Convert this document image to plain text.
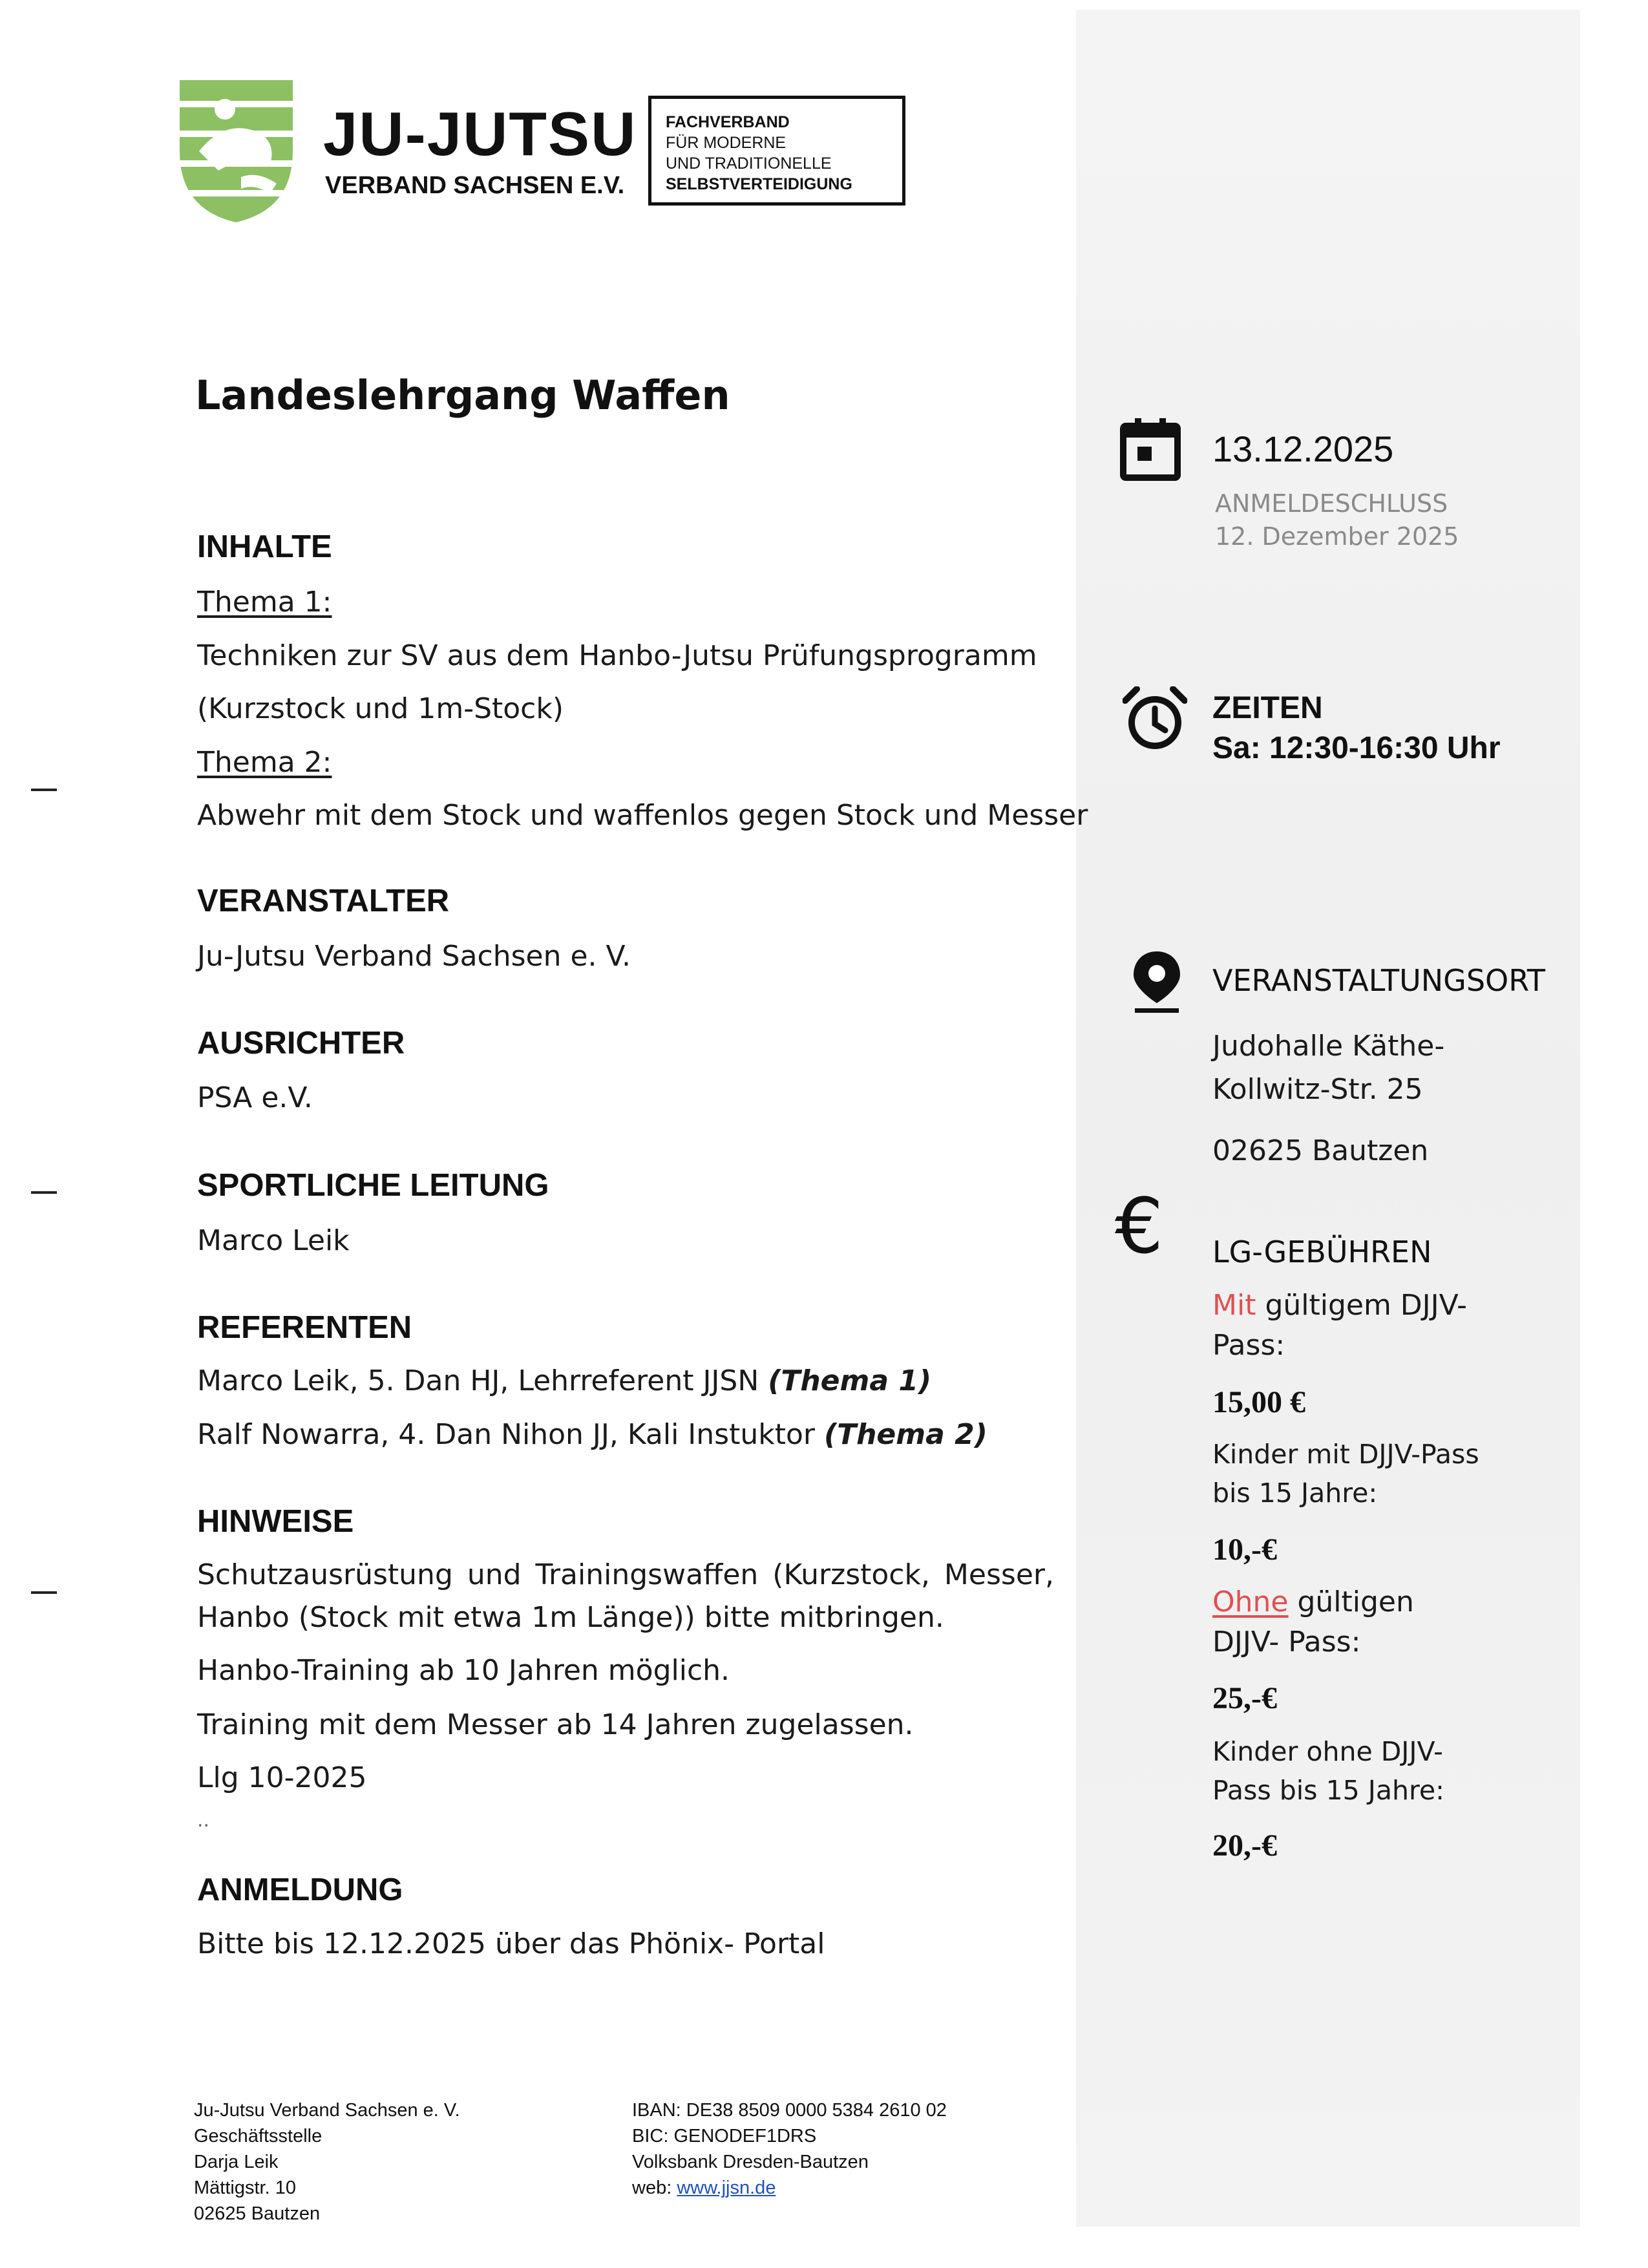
JU-JUTSU
VERBAND SACHSEN E.V.
FACHVERBAND
FÜR MODERNE
UND TRADITIONELLE
SELBSTVERTEIDIGUNG
Landeslehrgang Waffen
INHALTE
Thema 1:
Techniken zur SV aus dem Hanbo-Jutsu Prüfungsprogramm
(Kurzstock und 1m-Stock)
Thema 2:
Abwehr mit dem Stock und waffenlos gegen Stock und Messer
VERANSTALTER
Ju-Jutsu Verband Sachsen e. V.
AUSRICHTER
PSA e.V.
SPORTLICHE LEITUNG
Marco Leik
REFERENTEN
Marco Leik, 5. Dan HJ, Lehrreferent JJSN (Thema 1)
Ralf Nowarra, 4. Dan Nihon JJ, Kali Instuktor (Thema 2)
HINWEISE
Schutzausrüstung und Trainingswaffen (Kurzstock, Messer,
Hanbo (Stock mit etwa 1m Länge)) bitte mitbringen.
Hanbo-Training ab 10 Jahren möglich.
Training mit dem Messer ab 14 Jahren zugelassen.
Llg 10-2025
..
ANMELDUNG
Bitte bis 12.12.2025 über das Phönix- Portal
13.12.2025
ANMELDESCHLUSS
12. Dezember 2025
ZEITEN
Sa: 12:30-16:30 Uhr
VERANSTALTUNGSORT
Judohalle Käthe-
Kollwitz-Str. 25
02625 Bautzen
€ LG-GEBÜHREN
Mit gültigem DJJV-
Pass:
15,00 €
Kinder mit DJJV-Pass
bis 15 Jahre:
10,-€
Ohne gültigen
DJJV- Pass:
25,-€
Kinder ohne DJJV-
Pass bis 15 Jahre:
20,-€
Ju-Jutsu Verband Sachsen e. V.
Geschäftsstelle
Darja Leik
Mättigstr. 10
02625 Bautzen
IBAN: DE38 8509 0000 5384 2610 02
BIC: GENODEF1DRS
Volksbank Dresden-Bautzen
web: www.jjsn.de
